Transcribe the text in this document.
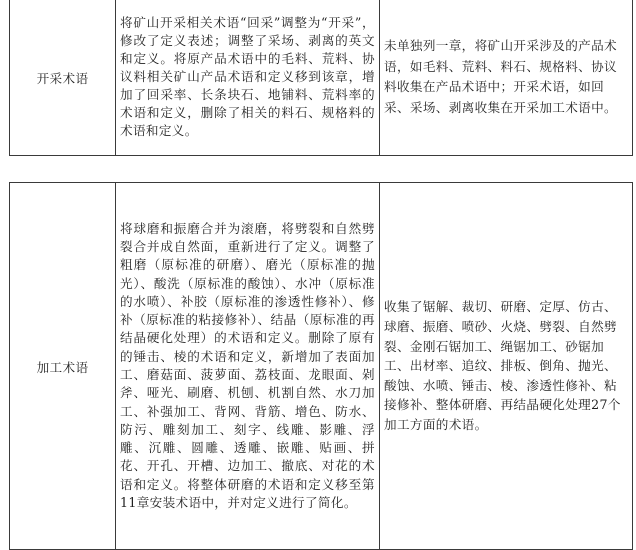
开采术语	将矿山开采相关术语“回采”调整为“开采”，修改了定义表述；调整了采场、剥离的英文和定义。将原产品术语中的毛料、荒料、协议料相关矿山产品术语和定义移到该章，增加了回采率、长条块石、地铺料、荒料率的术语和定义，删除了相关的料石、规格料的术语和定义。	未单独列一章，将矿山开采涉及的产品术语，如毛料、荒料、料石、规格料、协议料收集在产品术语中；开采术语，如回采、采场、剥离收集在开采加工术语中。
加工术语	将球磨和振磨合并为滚磨，将劈裂和自然劈裂合并成自然面，重新进行了定义。调整了粗磨（原标准的研磨）、磨光（原标准的抛光）、酸洗（原标准的酸蚀）、水冲（原标准的水喷）、补胶（原标准的渗透性修补）、修补（原标准的粘接修补）、结晶（原标准的再结晶硬化处理）的术语和定义。删除了原有的锤击、棱的术语和定义，新增加了表面加工、磨菇面、菠萝面、荔枝面、龙眼面、剁斧、哑光、刷磨、机刨、机割自然、水刀加工、补强加工、背网、背筋、增色、防水、防污、雕刻加工、刻字、线雕、影雕、浮雕、沉雕、圆雕、透雕、嵌雕、贴画、拼花、开孔、开槽、边加工、撤底、对花的术语和定义。将整体研磨的术语和定义移至第11章安装术语中，并对定义进行了简化。	收集了锯解、裁切、研磨、定厚、仿古、球磨、振磨、喷砂、火烧、劈裂、自然劈裂、金刚石锯加工、绳锯加工、砂锯加工、出材率、追纹、排板、倒角、抛光、酸蚀、水喷、锤击、棱、渗透性修补、粘接修补、整体研磨、再结晶硬化处理27个加工方面的术语。
